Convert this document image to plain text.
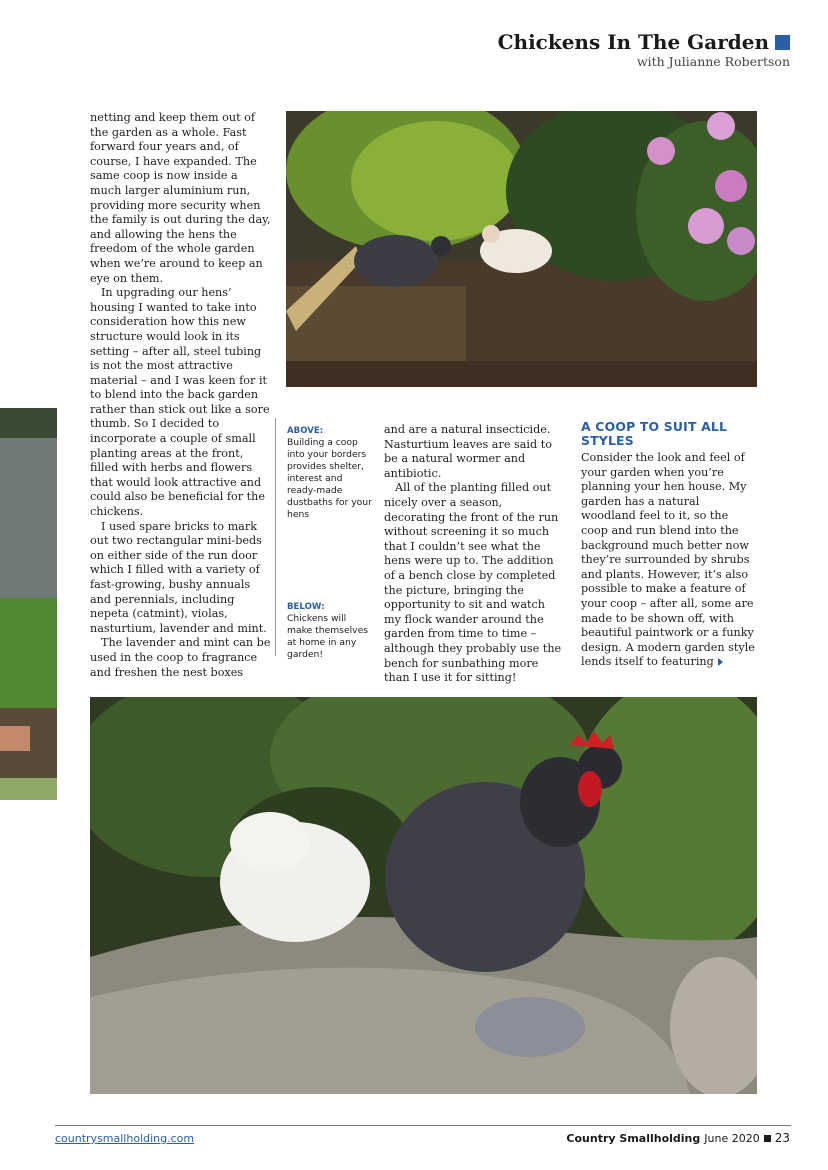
Chickens In The Garden
with Julianne Robertson

netting and keep them out of the garden as a whole. Fast forward four years and, of course, I have expanded. The same coop is now inside a much larger aluminium run, providing more security when the family is out during the day, and allowing the hens the freedom of the whole garden when we’re around to keep an eye on them.

In upgrading our hens’ housing I wanted to take into consideration how this new structure would look in its setting – after all, steel tubing is not the most attractive material – and I was keen for it to blend into the back garden rather than stick out like a sore thumb. So I decided to incorporate a couple of small planting areas at the front, filled with herbs and flowers that would look attractive and could also be beneficial for the chickens.

I used spare bricks to mark out two rectangular mini-beds on either side of the run door which I filled with a variety of fast-growing, bushy annuals and perennials, including nepeta (catmint), violas, nasturtium, lavender and mint.

The lavender and mint can be used in the coop to fragrance and freshen the nest boxes

ABOVE:
Building a coop into your borders provides shelter, interest and ready-made dustbaths for your hens
BELOW:
Chickens will make themselves at home in any garden!

and are a natural insecticide. Nasturtium leaves are said to be a natural wormer and antibiotic.

All of the planting filled out nicely over a season, decorating the front of the run without screening it so much that I couldn’t see what the hens were up to. The addition of a bench close by completed the picture, bringing the opportunity to sit and watch my flock wander around the garden from time to time – although they probably use the bench for sunbathing more than I use it for sitting!

A COOP TO SUIT ALL STYLES

Consider the look and feel of your garden when you’re planning your hen house. My garden has a natural woodland feel to it, so the coop and run blend into the background much better now they’re surrounded by shrubs and plants. However, it’s also possible to make a feature of your coop – after all, some are made to be shown off, with beautiful paintwork or a funky design. A modern garden style lends itself to featuring

countrysmallholding.com	Country Smallholding June 2020 23
